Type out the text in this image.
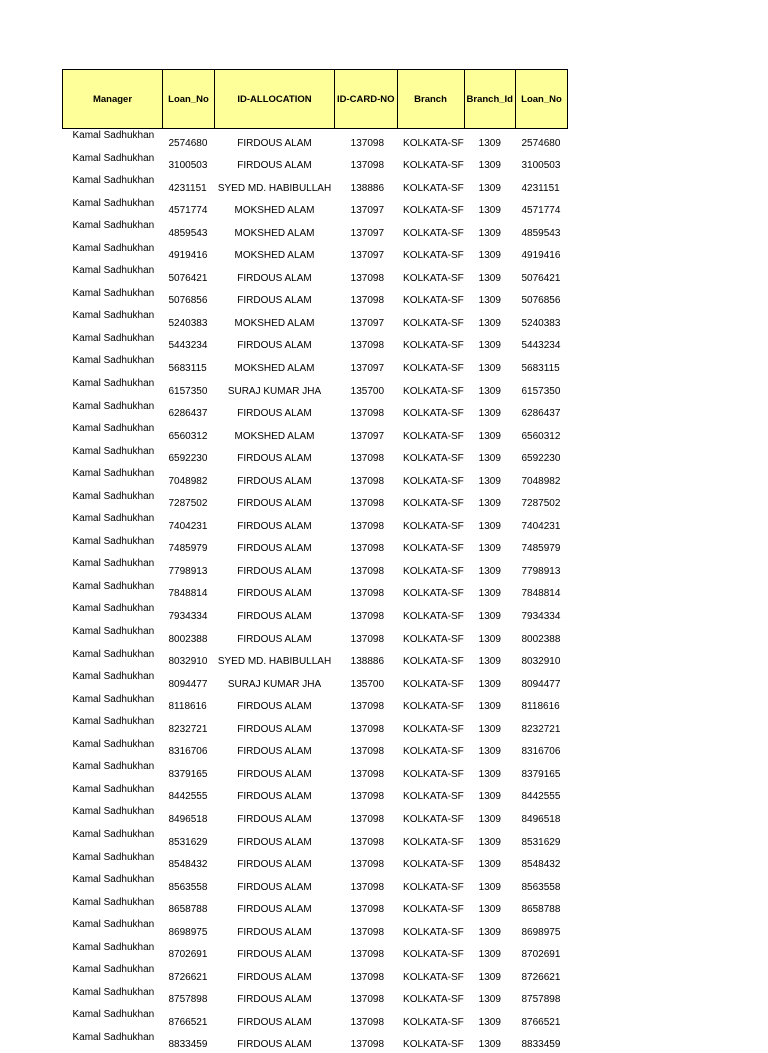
Manager	Loan_No	ID-ALLOCATION	ID-CARD-NO	Branch	Branch_Id	Loan_No
Kamal Sadhukhan	2574680	FIRDOUS ALAM	137098	KOLKATA-SF	1309	2574680
Kamal Sadhukhan	3100503	FIRDOUS ALAM	137098	KOLKATA-SF	1309	3100503
Kamal Sadhukhan	4231151	SYED MD. HABIBULLAH	138886	KOLKATA-SF	1309	4231151
Kamal Sadhukhan	4571774	MOKSHED ALAM	137097	KOLKATA-SF	1309	4571774
Kamal Sadhukhan	4859543	MOKSHED ALAM	137097	KOLKATA-SF	1309	4859543
Kamal Sadhukhan	4919416	MOKSHED ALAM	137097	KOLKATA-SF	1309	4919416
Kamal Sadhukhan	5076421	FIRDOUS ALAM	137098	KOLKATA-SF	1309	5076421
Kamal Sadhukhan	5076856	FIRDOUS ALAM	137098	KOLKATA-SF	1309	5076856
Kamal Sadhukhan	5240383	MOKSHED ALAM	137097	KOLKATA-SF	1309	5240383
Kamal Sadhukhan	5443234	FIRDOUS ALAM	137098	KOLKATA-SF	1309	5443234
Kamal Sadhukhan	5683115	MOKSHED ALAM	137097	KOLKATA-SF	1309	5683115
Kamal Sadhukhan	6157350	SURAJ KUMAR JHA	135700	KOLKATA-SF	1309	6157350
Kamal Sadhukhan	6286437	FIRDOUS ALAM	137098	KOLKATA-SF	1309	6286437
Kamal Sadhukhan	6560312	MOKSHED ALAM	137097	KOLKATA-SF	1309	6560312
Kamal Sadhukhan	6592230	FIRDOUS ALAM	137098	KOLKATA-SF	1309	6592230
Kamal Sadhukhan	7048982	FIRDOUS ALAM	137098	KOLKATA-SF	1309	7048982
Kamal Sadhukhan	7287502	FIRDOUS ALAM	137098	KOLKATA-SF	1309	7287502
Kamal Sadhukhan	7404231	FIRDOUS ALAM	137098	KOLKATA-SF	1309	7404231
Kamal Sadhukhan	7485979	FIRDOUS ALAM	137098	KOLKATA-SF	1309	7485979
Kamal Sadhukhan	7798913	FIRDOUS ALAM	137098	KOLKATA-SF	1309	7798913
Kamal Sadhukhan	7848814	FIRDOUS ALAM	137098	KOLKATA-SF	1309	7848814
Kamal Sadhukhan	7934334	FIRDOUS ALAM	137098	KOLKATA-SF	1309	7934334
Kamal Sadhukhan	8002388	FIRDOUS ALAM	137098	KOLKATA-SF	1309	8002388
Kamal Sadhukhan	8032910	SYED MD. HABIBULLAH	138886	KOLKATA-SF	1309	8032910
Kamal Sadhukhan	8094477	SURAJ KUMAR JHA	135700	KOLKATA-SF	1309	8094477
Kamal Sadhukhan	8118616	FIRDOUS ALAM	137098	KOLKATA-SF	1309	8118616
Kamal Sadhukhan	8232721	FIRDOUS ALAM	137098	KOLKATA-SF	1309	8232721
Kamal Sadhukhan	8316706	FIRDOUS ALAM	137098	KOLKATA-SF	1309	8316706
Kamal Sadhukhan	8379165	FIRDOUS ALAM	137098	KOLKATA-SF	1309	8379165
Kamal Sadhukhan	8442555	FIRDOUS ALAM	137098	KOLKATA-SF	1309	8442555
Kamal Sadhukhan	8496518	FIRDOUS ALAM	137098	KOLKATA-SF	1309	8496518
Kamal Sadhukhan	8531629	FIRDOUS ALAM	137098	KOLKATA-SF	1309	8531629
Kamal Sadhukhan	8548432	FIRDOUS ALAM	137098	KOLKATA-SF	1309	8548432
Kamal Sadhukhan	8563558	FIRDOUS ALAM	137098	KOLKATA-SF	1309	8563558
Kamal Sadhukhan	8658788	FIRDOUS ALAM	137098	KOLKATA-SF	1309	8658788
Kamal Sadhukhan	8698975	FIRDOUS ALAM	137098	KOLKATA-SF	1309	8698975
Kamal Sadhukhan	8702691	FIRDOUS ALAM	137098	KOLKATA-SF	1309	8702691
Kamal Sadhukhan	8726621	FIRDOUS ALAM	137098	KOLKATA-SF	1309	8726621
Kamal Sadhukhan	8757898	FIRDOUS ALAM	137098	KOLKATA-SF	1309	8757898
Kamal Sadhukhan	8766521	FIRDOUS ALAM	137098	KOLKATA-SF	1309	8766521
Kamal Sadhukhan	8833459	FIRDOUS ALAM	137098	KOLKATA-SF	1309	8833459
